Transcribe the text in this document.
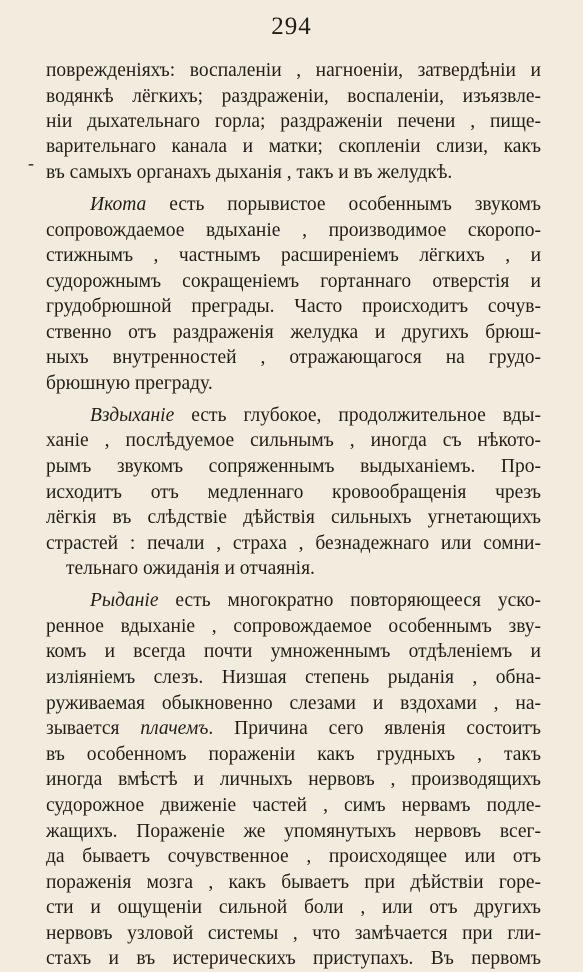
294
-
поврежденіяхъ: воспаленіи , нагноеніи, затвердѣніи и
водянкѣ лёгкихъ; раздраженіи, воспаленіи, изъязвле-
ніи дыхательнаго горла; раздраженіи печени , пище-
варительнаго канала и матки; скопленіи слизи, какъ
въ самыхъ органахъ дыханія , такъ и въ желудкѣ.
Икота есть порывистое особеннымъ звукомъ
сопровождаемое вдыханіе , производимое скоропо-
стижнымъ , частнымъ расширеніемъ лёгкихъ , и
судорожнымъ сокращеніемъ гортаннаго отверстія и
грудобрюшной преграды. Часто происходитъ сочув-
ственно отъ раздраженія желудка и другихъ брюш-
ныхъ внутренностей , отражающагося на грудо-
брюшную преграду.
Вздыханіе есть глубокое, продолжительное вды-
ханіе , послѣдуемое сильнымъ , иногда съ нѣкото-
рымъ звукомъ сопряженнымъ выдыханіемъ. Про-
исходитъ отъ медленнаго кровообращенія чрезъ
лёгкія въ слѣдствіе дѣйствія сильныхъ угнетающихъ
страстей : печали , страха , безнадежнаго или сомни-
тельнаго ожиданія и отчаянія.
Рыданіе есть многократно повторяющееся уско-
ренное вдыханіе , сопровождаемое особеннымъ зву-
комъ и всегда почти умноженнымъ отдѣленіемъ и
изліяніемъ слезъ. Низшая степень рыданія , обна-
руживаемая обыкновенно слезами и вздохами , на-
зывается плачемъ. Причина сего явленія состоитъ
въ особенномъ пораженіи какъ грудныхъ , такъ
иногда вмѣстѣ и личныхъ нервовъ , производящихъ
судорожное движеніе частей , симъ нервамъ подле-
жащихъ. Пораженіе же упомянутыхъ нервовъ всег-
да бываетъ сочувственное , происходящее или отъ
пораженія мозга , какъ бываетъ при дѣйствіи горе-
сти и ощущеніи сильной боли , или отъ другихъ
нервовъ узловой системы , что замѣчается при гли-
стахъ и въ истерическихъ приступахъ. Въ первомъ
